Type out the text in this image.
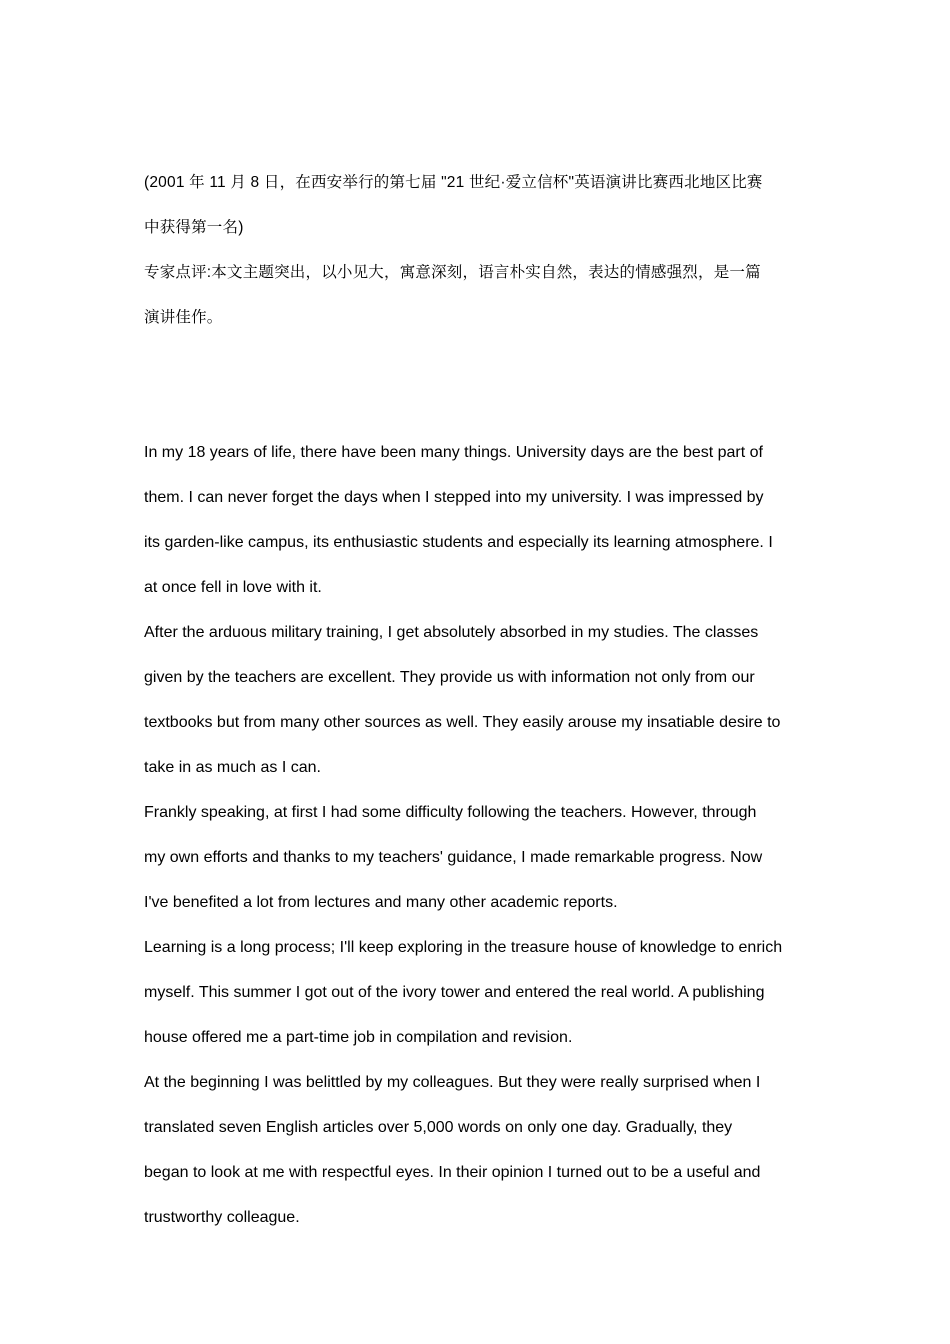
(2001 年 11 月 8 日，在西安举行的第七届 "21 世纪·爱立信杯"英语演讲比赛西北地区比赛
中获得第一名)
专家点评:本文主题突出，以小见大，寓意深刻，语言朴实自然，表达的情感强烈，是一篇
演讲佳作。
In my 18 years of life, there have been many things. University days are the best part of
them. I can never forget the days when I stepped into my university. I was impressed by
its garden-like campus, its enthusiastic students and especially its learning atmosphere. I
at once fell in love with it.
After the arduous military training, I get absolutely absorbed in my studies. The classes
given by the teachers are excellent. They provide us with information not only from our
textbooks but from many other sources as well. They easily arouse my insatiable desire to
take in as much as I can.
Frankly speaking, at first I had some difficulty following the teachers. However, through
my own efforts and thanks to my teachers' guidance, I made remarkable progress. Now
I've benefited a lot from lectures and many other academic reports.
Learning is a long process; I'll keep exploring in the treasure house of knowledge to enrich
myself. This summer I got out of the ivory tower and entered the real world. A publishing
house offered me a part-time job in compilation and revision.
At the beginning I was belittled by my colleagues. But they were really surprised when I
translated seven English articles over 5,000 words on only one day. Gradually, they
began to look at me with respectful eyes. In their opinion I turned out to be a useful and
trustworthy colleague.
